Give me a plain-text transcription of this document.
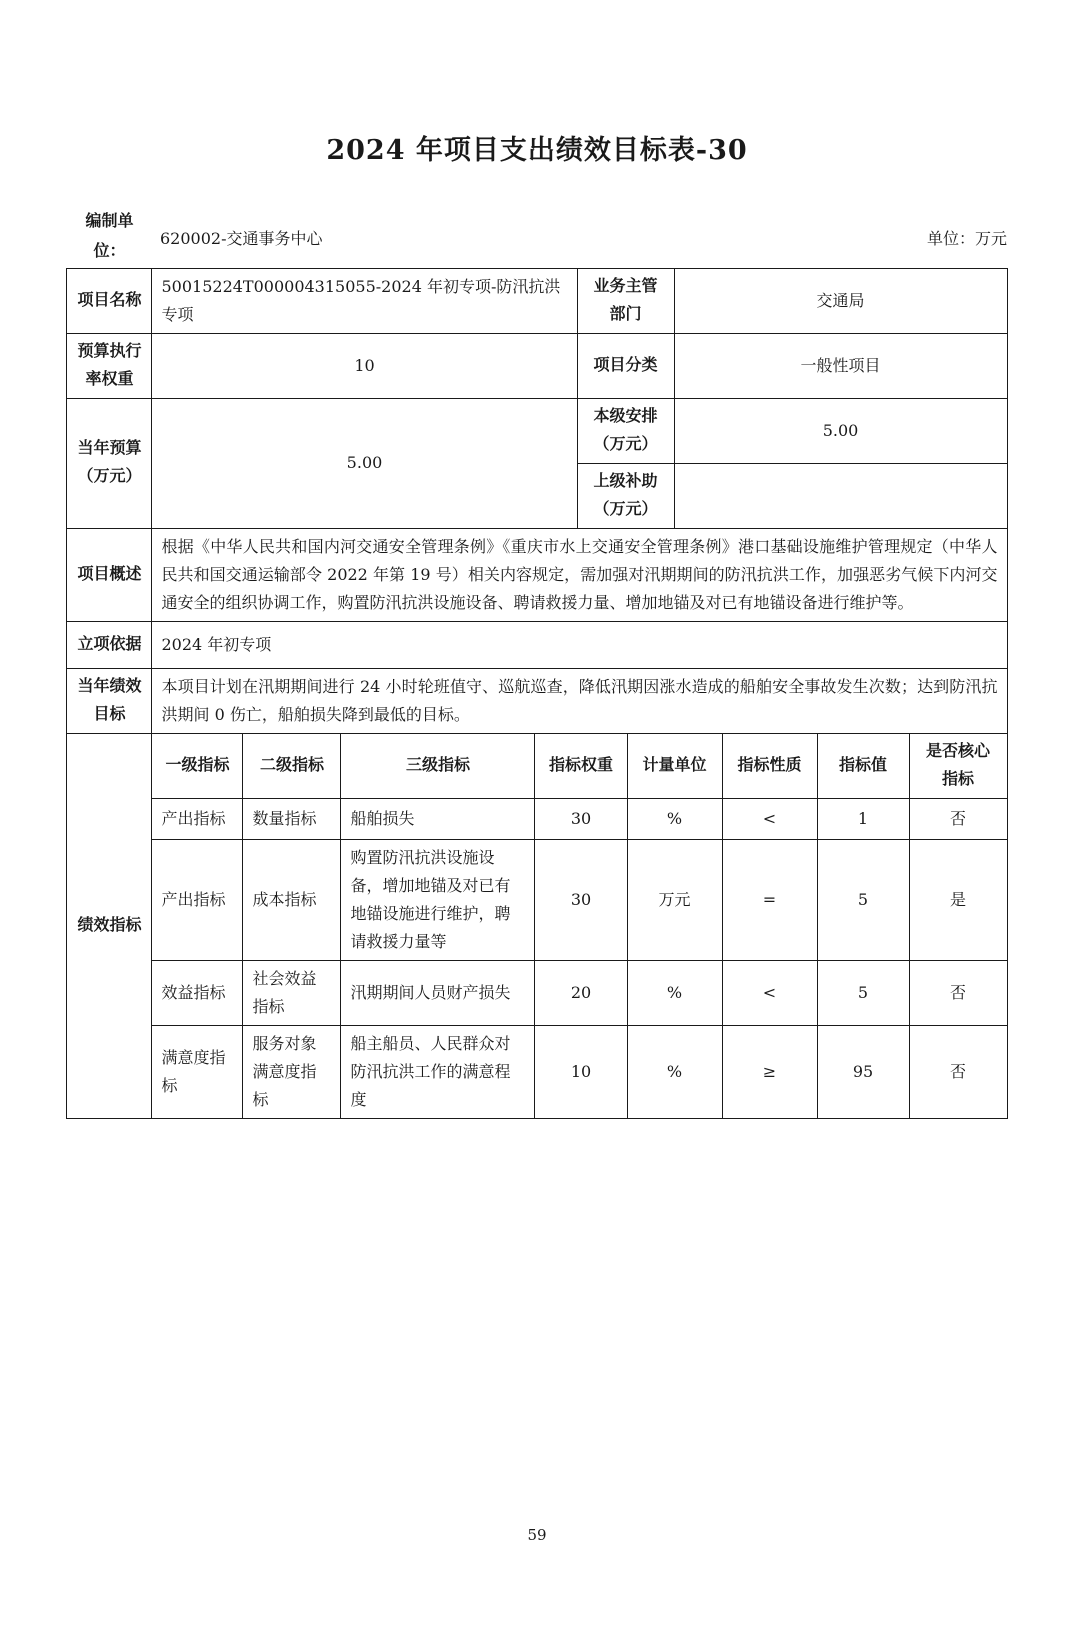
2024 年项目支出绩效目标表-30
编制单位：
620002-交通事务中心	单位：万元
项目名称	50015224T000004315055-2024 年初专项-防汛抗洪专项				业务主管部门		交通局			
预算执行率权重	10				项目分类		一般性项目			
当年预算（万元）	5.00				本级安排（万元）		5.00			
					上级补助（万元）					
项目概述	根据《中华人民共和国内河交通安全管理条例》《重庆市水上交通安全管理条例》港口基础设施维护管理规定（中华人民共和国交通运输部令 2022 年第 19 号）相关内容规定，需加强对汛期期间的防汛抗洪工作，加强恶劣气候下内河交通安全的组织协调工作，购置防汛抗洪设施设备、聘请救援力量、增加地锚及对已有地锚设备进行维护等。									
立项依据	2024 年初专项									
当年绩效目标	本项目计划在汛期期间进行 24 小时轮班值守、巡航巡查，降低汛期因涨水造成的船舶安全事故发生次数；达到防汛抗洪期间 0 伤亡，船舶损失降到最低的目标。									
绩效指标	一级指标	二级指标	三级指标	指标权重		计量单位		指标性质	指标值	是否核心指标
	产出指标	数量指标	船舶损失	30		%		<	1	否
	产出指标	成本指标	购置防汛抗洪设施设备，增加地锚及对已有地锚设施进行维护，聘请救援力量等	30		万元		=	5	是
	效益指标	社会效益指标	汛期期间人员财产损失	20		%		<	5	否
	满意度指标	服务对象满意度指标	船主船员、人民群众对防汛抗洪工作的满意程度	10		%		≥	95	否
59
